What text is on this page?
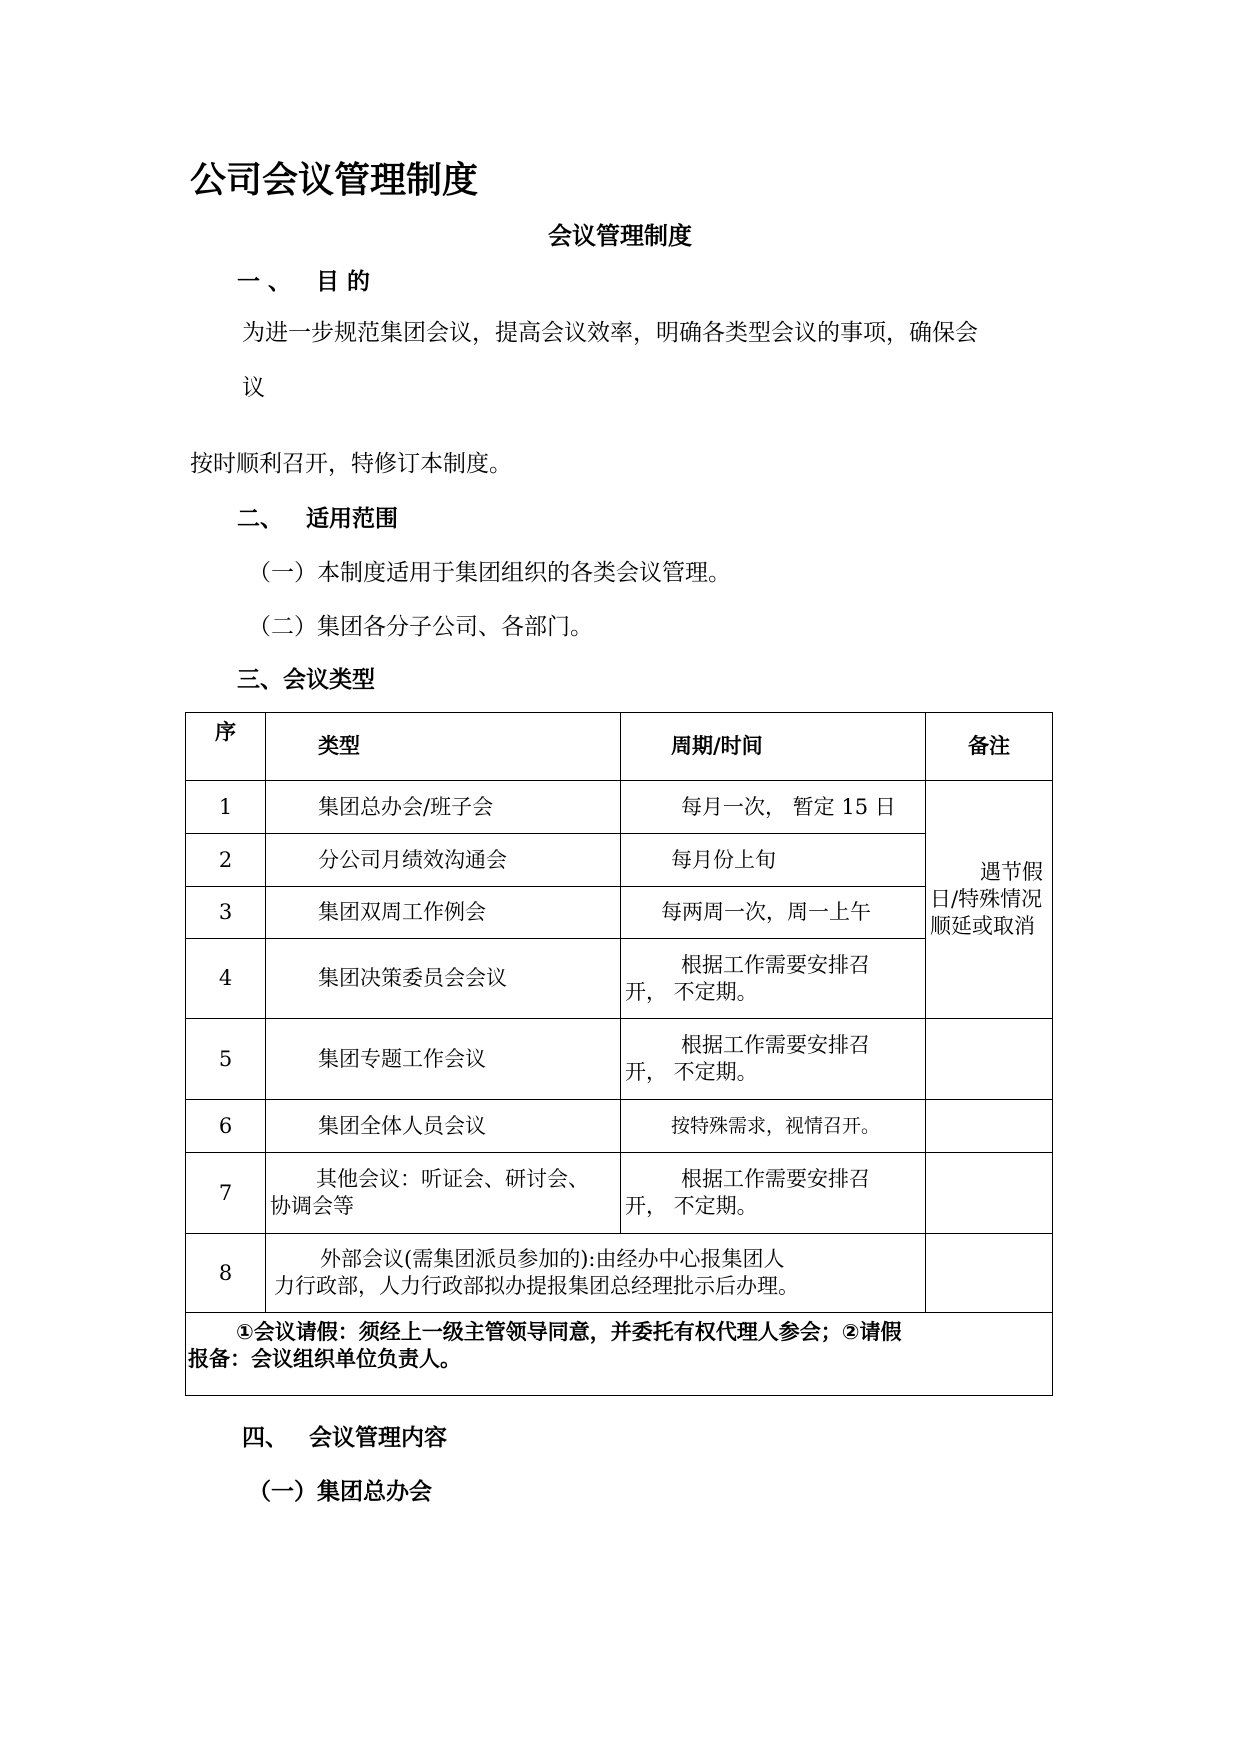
公司会议管理制度
会议管理制度
一 、 目 的
为进一步规范集团会议，提高会议效率，明确各类型会议的事项，确保会
议
按时顺利召开，特修订本制度。
二、 适用范围
（一）本制度适用于集团组织的各类会议管理。
（二）集团各分子公司、各部门。
三、会议类型
序	类型	周期/时间	备注
1	集团总办会/班子会	每月一次， 暂定 15 日	遇节假日/特殊情况顺延或取消

2	分公司月绩效沟通会	每月份上旬	
3	集团双周工作例会	每两周一次，周一上午	
4	集团决策委员会会议	根据工作需要安排召
开， 不定期。	
5	集团专题工作会议	根据工作需要安排召
开， 不定期。	
6	集团全体人员会议	按特殊需求，视情召开。	
7	其他会议：听证会、研讨会、
协调会等	根据工作需要安排召
开， 不定期。	
8	外部会议(需集团派员参加的):由经办中心报集团人
力行政部，人力行政部拟办提报集团总经理批示后办理。		
①会议请假：须经上一级主管领导同意，并委托有权代理人参会；②请假
报备：会议组织单位负责人。			
四、 会议管理内容
（一）集团总办会
